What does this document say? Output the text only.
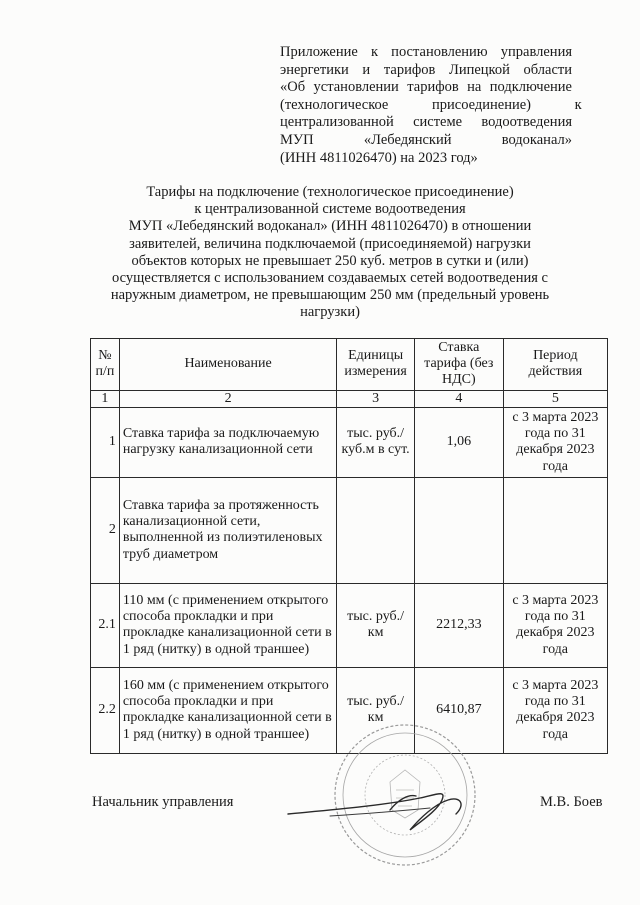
Приложение к постановлению управления
энергетики и тарифов Липецкой области
«Об установлении тарифов на подключение
(технологическое присоединение) к
централизованной системе водоотведения
МУП «Лебедянский водоканал»
(ИНН 4811026470) на 2023 год»
Тарифы на подключение (технологическое присоединение)
к централизованной системе водоотведения
МУП «Лебедянский водоканал» (ИНН 4811026470) в отношении
заявителей, величина подключаемой (присоединяемой) нагрузки
объектов которых не превышает 250 куб. метров в сутки и (или)
осуществляется с использованием создаваемых сетей водоотведения с
наружным диаметром, не превышающим 250 мм (предельный уровень
нагрузки)
№ п/п	Наименование	Единицы измерения	Ставка тарифа (без НДС)	Период действия
1	2	3	4	5
1	Ставка тарифа за подключаемую нагрузку канализационной сети	тыс. руб./ куб.м в сут.	1,06	с 3 марта 2023 года по 31 декабря 2023 года
2	Ставка тарифа за протяженность канализационной сети, выполненной из полиэтиленовых труб диаметром			
2.1	110 мм (с применением открытого способа прокладки и при прокладке канализационной сети в 1 ряд (нитку) в одной траншее)	тыс. руб./км	2212,33	с 3 марта 2023 года по 31 декабря 2023 года
2.2	160 мм (с применением открытого способа прокладки и при прокладке канализационной сети в 1 ряд (нитку) в одной траншее)	тыс. руб./км	6410,87	с 3 марта 2023 года по 31 декабря 2023 года
Начальник управления	М.В. Боев
